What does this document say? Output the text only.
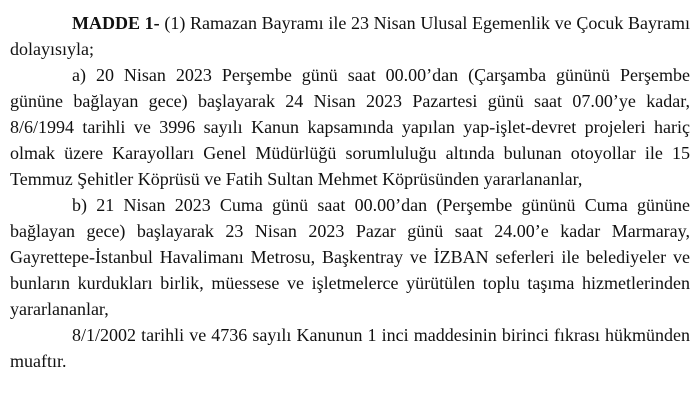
MADDE 1- (1) Ramazan Bayramı ile 23 Nisan Ulusal Egemenlik ve Çocuk Bayramı dolayısıyla;

a) 20 Nisan 2023 Perşembe günü saat 00.00’dan (Çarşamba gününü Perşembe gününe bağlayan gece) başlayarak 24 Nisan 2023 Pazartesi günü saat 07.00’ye kadar, 8/6/1994 tarihli ve 3996 sayılı Kanun kapsamında yapılan yap-işlet-devret projeleri hariç olmak üzere Karayolları Genel Müdürlüğü sorumluluğu altında bulunan otoyollar ile 15 Temmuz Şehitler Köprüsü ve Fatih Sultan Mehmet Köprüsünden yararlananlar,

b) 21 Nisan 2023 Cuma günü saat 00.00’dan (Perşembe gününü Cuma gününe bağlayan gece) başlayarak 23 Nisan 2023 Pazar günü saat 24.00’e kadar Marmaray, Gayrettepe-İstanbul Havalimanı Metrosu, Başkentray ve İZBAN seferleri ile belediyeler ve bunların kurdukları birlik, müessese ve işletmelerce yürütülen toplu taşıma hizmetlerinden yararlananlar,

8/1/2002 tarihli ve 4736 sayılı Kanunun 1 inci maddesinin birinci fıkrası hükmünden muaftır.
